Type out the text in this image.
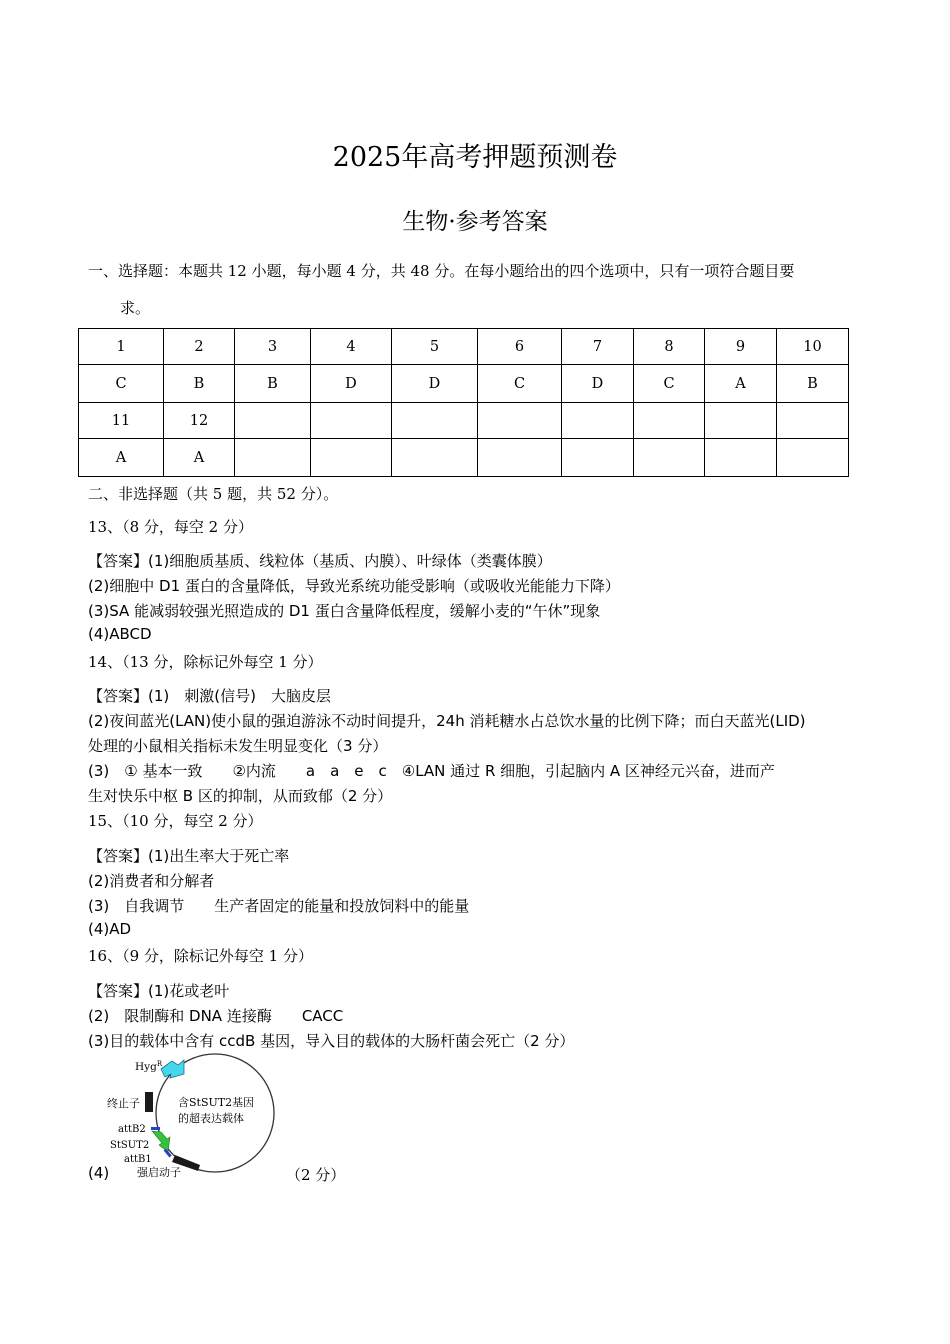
2025年高考押题预测卷
生物·参考答案
一、选择题：本题共 12 小题，每小题 4 分，共 48 分。在每小题给出的四个选项中，只有一项符合题目要
求。
1	2	3	4	5	6	7	8	9	10
C	B	B	D	D	C	D	C	A	B
11	12								
A	A								
二、非选择题（共 5 题，共 52 分）。
13、（8 分，每空 2 分）
【答案】(1)细胞质基质、线粒体（基质、内膜）、叶绿体（类囊体膜）
(2)细胞中 D1 蛋白的含量降低，导致光系统功能受影响（或吸收光能能力下降）
(3)SA 能减弱较强光照造成的 D1 蛋白含量降低程度，缓解小麦的“午休”现象
(4)ABCD
14、（13 分，除标记外每空 1 分）
【答案】(1)　刺激(信号)　大脑皮层
(2)夜间蓝光(LAN)使小鼠的强迫游泳不动时间提升，24h 消耗糖水占总饮水量的比例下降；而白天蓝光(LID)
处理的小鼠相关指标未发生明显变化（3 分）
(3)　① 基本一致　　②内流　　a　a　e　c　④LAN 通过 R 细胞，引起脑内 A 区神经元兴奋，进而产
生对快乐中枢 B 区的抑制，从而致郁（2 分）
15、（10 分，每空 2 分）
【答案】(1)出生率大于死亡率
(2)消费者和分解者
(3)　自我调节　　生产者固定的能量和投放饲料中的能量
(4)AD
16、（9 分，除标记外每空 1 分）
【答案】(1)花或老叶
(2)　限制酶和 DNA 连接酶　　CACC
(3)目的载体中含有 ccdB 基因，导入目的载体的大肠杆菌会死亡（2 分）
(4)	（2 分）
Hyg$^R$
终止子
attB2
StSUT2
attB1
强启动子
含StSUT2基因
的超表达载体
